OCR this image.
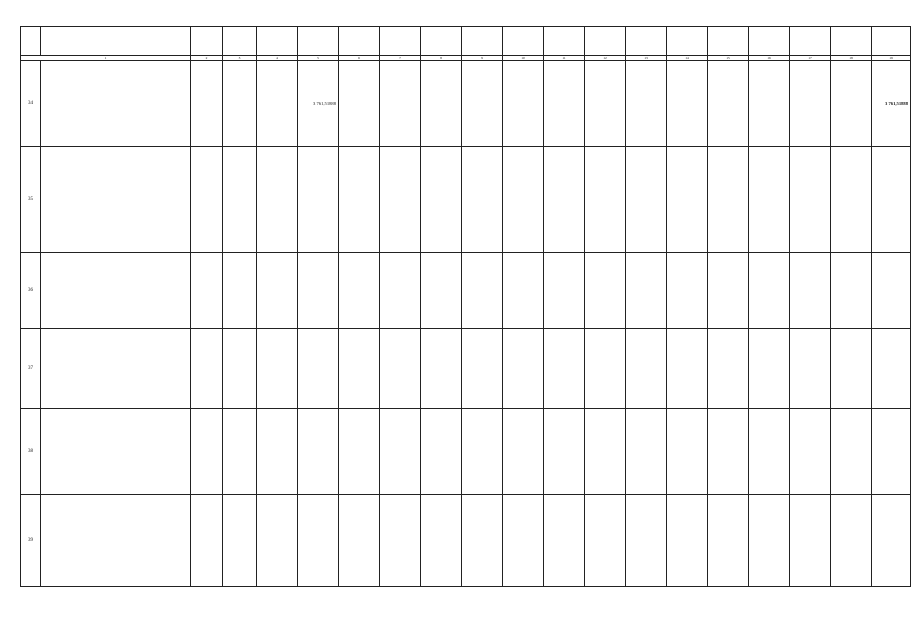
1		2	3	4	5	6	7	8	9	10	11	12	13	14	15	16	17	18	19
34					3 761,51888														3 761,51888
35																			
36																			
37																			
38																			
39																			
